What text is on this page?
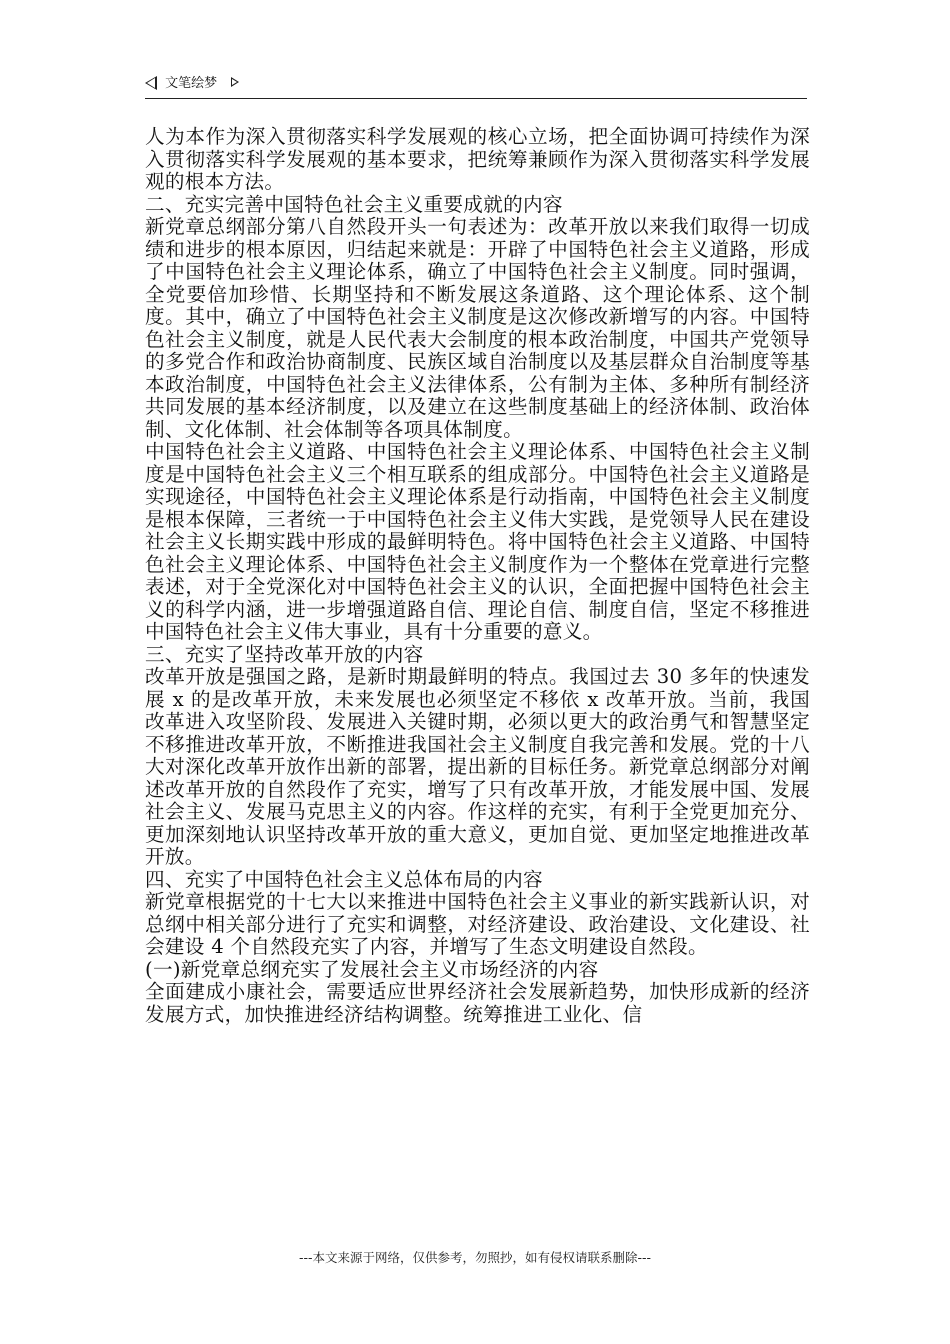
文笔绘梦

人为本作为深入贯彻落实科学发展观的核心立场，把全面协调可持续作为深入贯彻落实科学发展观的基本要求，把统筹兼顾作为深入贯彻落实科学发展观的根本方法。

二、充实完善中国特色社会主义重要成就的内容

新党章总纲部分第八自然段开头一句表述为：改革开放以来我们取得一切成绩和进步的根本原因，归结起来就是：开辟了中国特色社会主义道路，形成了中国特色社会主义理论体系，确立了中国特色社会主义制度。同时强调，全党要倍加珍惜、长期坚持和不断发展这条道路、这个理论体系、这个制度。其中，确立了中国特色社会主义制度是这次修改新增写的内容。中国特色社会主义制度，就是人民代表大会制度的根本政治制度，中国共产党领导的多党合作和政治协商制度、民族区域自治制度以及基层群众自治制度等基本政治制度，中国特色社会主义法律体系，公有制为主体、多种所有制经济共同发展的基本经济制度，以及建立在这些制度基础上的经济体制、政治体制、文化体制、社会体制等各项具体制度。

中国特色社会主义道路、中国特色社会主义理论体系、中国特色社会主义制度是中国特色社会主义三个相互联系的组成部分。中国特色社会主义道路是实现途径，中国特色社会主义理论体系是行动指南，中国特色社会主义制度是根本保障，三者统一于中国特色社会主义伟大实践，是党领导人民在建设社会主义长期实践中形成的最鲜明特色。将中国特色社会主义道路、中国特色社会主义理论体系、中国特色社会主义制度作为一个整体在党章进行完整表述，对于全党深化对中国特色社会主义的认识，全面把握中国特色社会主义的科学内涵，进一步增强道路自信、理论自信、制度自信，坚定不移推进中国特色社会主义伟大事业，具有十分重要的意义。

三、充实了坚持改革开放的内容

改革开放是强国之路，是新时期最鲜明的特点。我国过去 30 多年的快速发展 x 的是改革开放，未来发展也必须坚定不移依 x 改革开放。当前，我国改革进入攻坚阶段、发展进入关键时期，必须以更大的政治勇气和智慧坚定不移推进改革开放，不断推进我国社会主义制度自我完善和发展。党的十八大对深化改革开放作出新的部署，提出新的目标任务。新党章总纲部分对阐述改革开放的自然段作了充实，增写了只有改革开放，才能发展中国、发展社会主义、发展马克思主义的内容。作这样的充实，有利于全党更加充分、更加深刻地认识坚持改革开放的重大意义，更加自觉、更加坚定地推进改革开放。

四、充实了中国特色社会主义总体布局的内容

新党章根据党的十七大以来推进中国特色社会主义事业的新实践新认识，对总纲中相关部分进行了充实和调整，对经济建设、政治建设、文化建设、社会建设 4 个自然段充实了内容，并增写了生态文明建设自然段。

(一)新党章总纲充实了发展社会主义市场经济的内容

全面建成小康社会，需要适应世界经济社会发展新趋势，加快形成新的经济发展方式，加快推进经济结构调整。统筹推进工业化、信

---本文来源于网络，仅供参考，勿照抄，如有侵权请联系删除---
